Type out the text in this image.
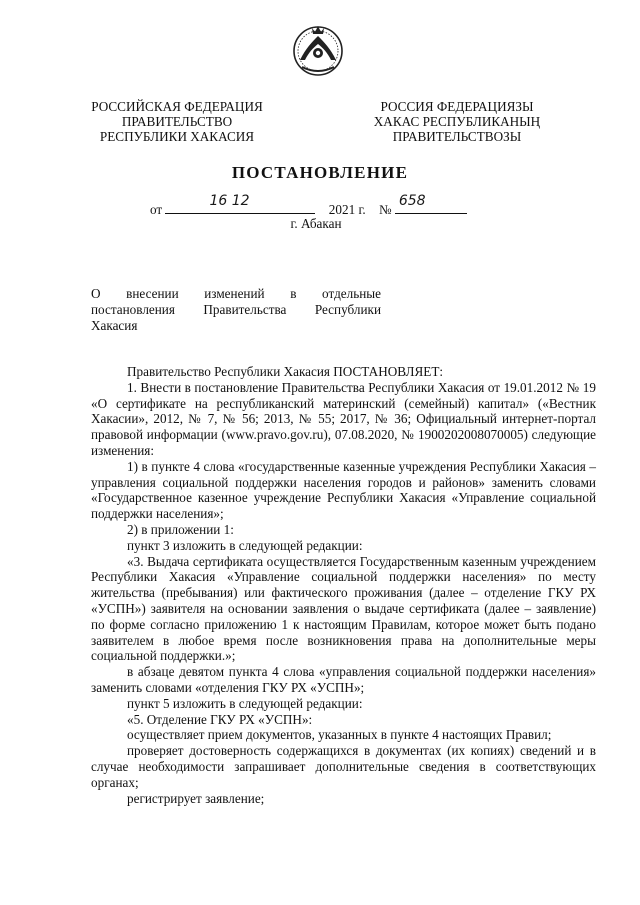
РОССИЙСКАЯ ФЕДЕРАЦИЯ
ПРАВИТЕЛЬСТВО
РЕСПУБЛИКИ ХАКАСИЯ
РОССИЯ ФЕДЕРАЦИЯЗЫ
ХАКАС РЕСПУБЛИКАНЫҢ
ПРАВИТЕЛЬСТВОЗЫ
ПОСТАНОВЛЕНИЕ
от
16 12
2021 г. №
658
г. Абакан
О внесении изменений в отдельные
постановления Правительства Республики
Хакасия

Правительство Республики Хакасия ПОСТАНОВЛЯЕТ:

1. Внести в постановление Правительства Республики Хакасия от 19.01.2012 № 19 «О сертификате на республиканский материнский (семейный) капитал» («Вестник Хакасии», 2012, № 7, № 56; 2013, № 55; 2017, № 36; Официальный интернет-портал правовой информации (www.pravo.gov.ru), 07.08.2020, № 1900202008070005) следующие изменения:

1) в пункте 4 слова «государственные казенные учреждения Республики Хакасия – управления социальной поддержки населения городов и районов» заменить словами «Государственное казенное учреждение Республики Хакасия «Управление социальной поддержки населения»;

2) в приложении 1:

пункт 3 изложить в следующей редакции:

«3. Выдача сертификата осуществляется Государственным казенным учреждением Республики Хакасия «Управление социальной поддержки населения» по месту жительства (пребывания) или фактического проживания (далее – отделение ГКУ РХ «УСПН») заявителя на основании заявления о выдаче сертификата (далее – заявление) по форме согласно приложению 1 к настоящим Правилам, которое может быть подано заявителем в любое время после возникновения права на дополнительные меры социальной поддержки.»;

в абзаце девятом пункта 4 слова «управления социальной поддержки населения» заменить словами «отделения ГКУ РХ «УСПН»;

пункт 5 изложить в следующей редакции:

«5. Отделение ГКУ РХ «УСПН»:

осуществляет прием документов, указанных в пункте 4 настоящих Правил;

проверяет достоверность содержащихся в документах (их копиях) сведений и в случае необходимости запрашивает дополнительные сведения в соответствующих органах;

регистрирует заявление;
